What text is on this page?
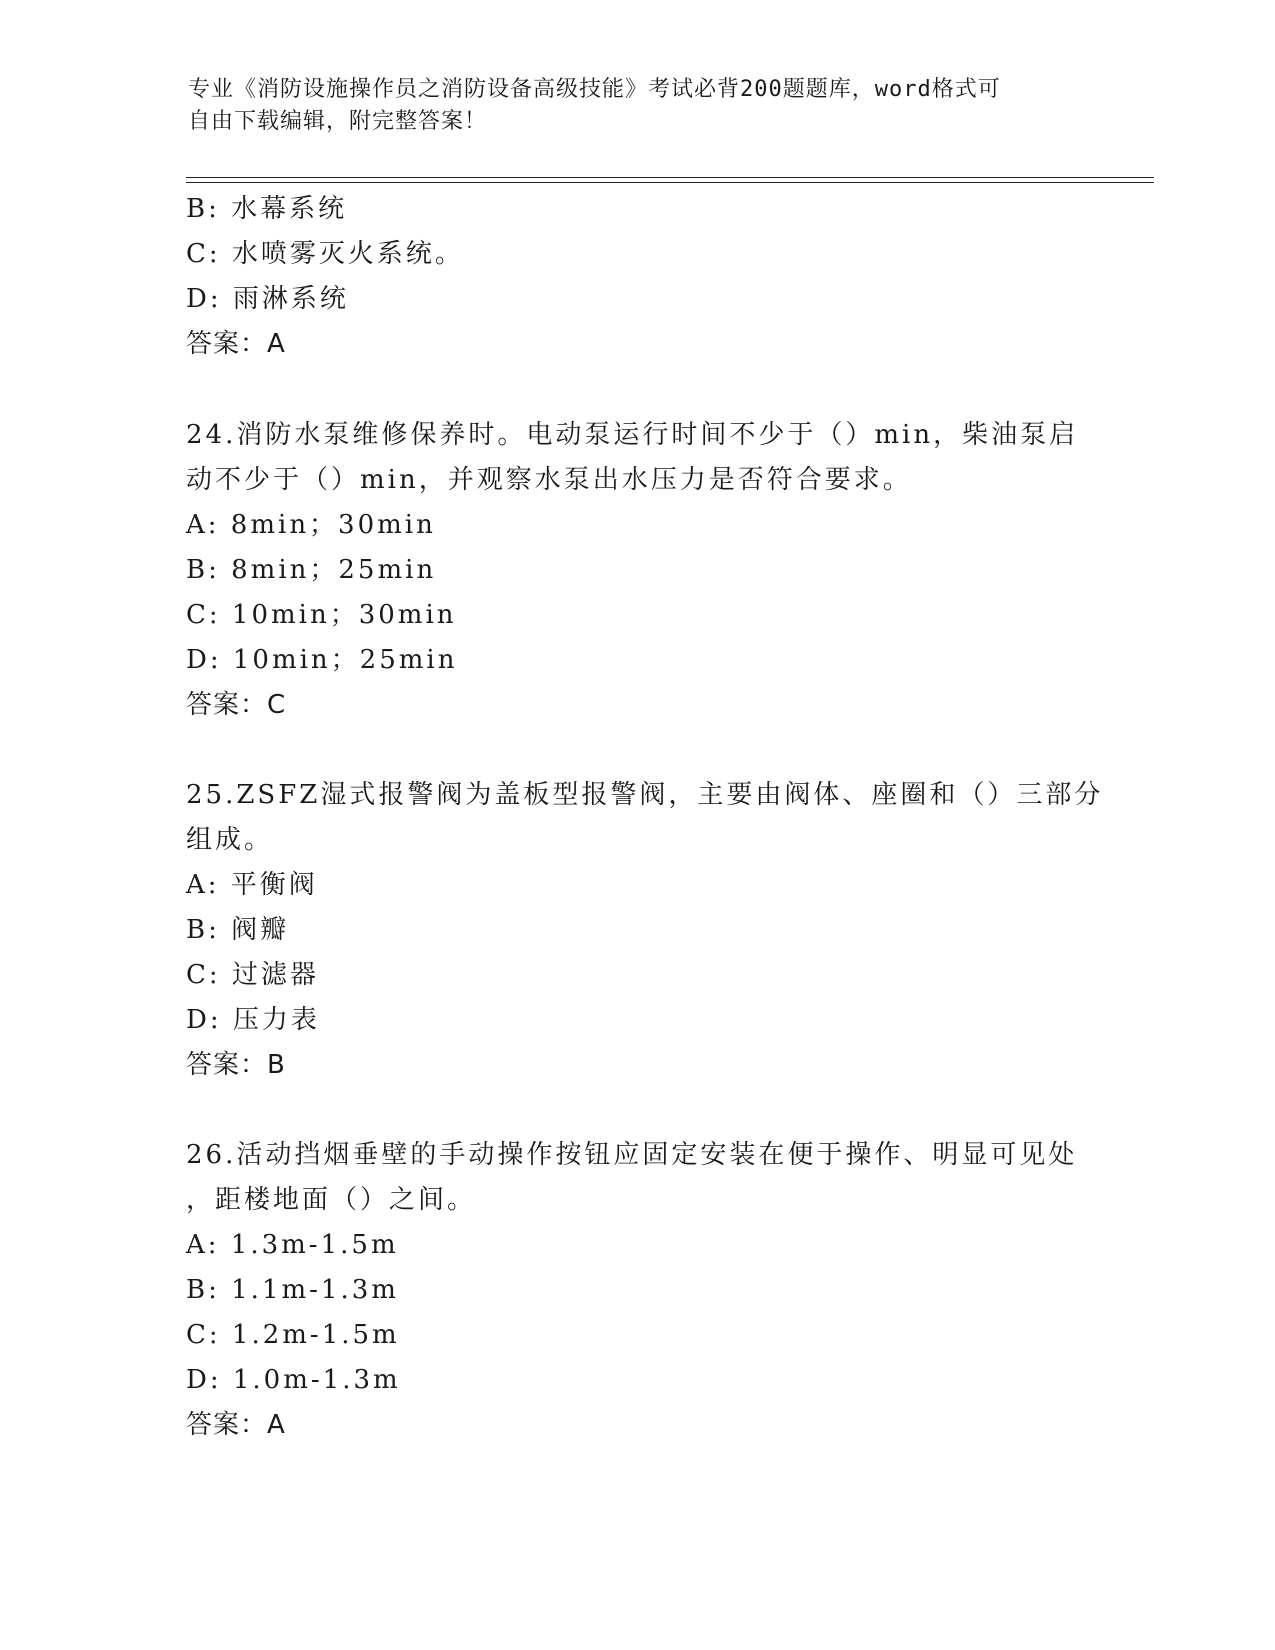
专业《消防设施操作员之消防设备高级技能》考试必背200题题库，word格式可
自由下载编辑，附完整答案！
B: 水幕系统
C: 水喷雾灭火系统。
D: 雨淋系统
答案：A
24.消防水泵维修保养时。电动泵运行时间不少于（）min，柴油泵启
动不少于（）min，并观察水泵出水压力是否符合要求。
A: 8min；30min
B: 8min；25min
C: 10min；30min
D: 10min；25min
答案：C
25.ZSFZ湿式报警阀为盖板型报警阀，主要由阀体、座圈和（）三部分
组成。
A: 平衡阀
B: 阀瓣
C: 过滤器
D: 压力表
答案：B
26.活动挡烟垂壁的手动操作按钮应固定安装在便于操作、明显可见处
，距楼地面（）之间。
A: 1.3m-1.5m
B: 1.1m-1.3m
C: 1.2m-1.5m
D: 1.0m-1.3m
答案：A
